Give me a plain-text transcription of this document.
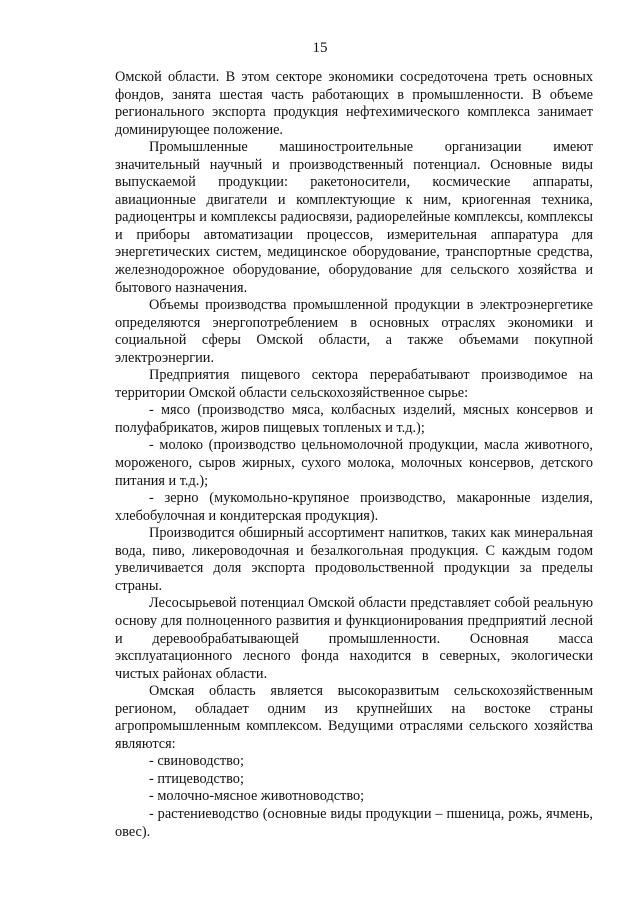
15

Омской области. В этом секторе экономики сосредоточена треть основных фондов, занята шестая часть работающих в промышленности. В объеме регионального экспорта продукция нефтехимического комплекса занимает доминирующее положение.

Промышленные машиностроительные организации имеют значительный научный и производственный потенциал. Основные виды выпускаемой продукции: ракетоносители, космические аппараты, авиационные двигатели и комплектующие к ним, криогенная техника, радиоцентры и комплексы радиосвязи, радиорелейные комплексы, комплексы и приборы автоматизации процессов, измерительная аппаратура для энергетических систем, медицинское оборудование, транспортные средства, железнодорожное оборудование, оборудование для сельского хозяйства и бытового назначения.

Объемы производства промышленной продукции в электроэнергетике определяются энергопотреблением в основных отраслях экономики и социальной сферы Омской области, а также объемами покупной электроэнергии.

Предприятия пищевого сектора перерабатывают производимое на территории Омской области сельскохозяйственное сырье:

- мясо (производство мяса, колбасных изделий, мясных консервов и полуфабрикатов, жиров пищевых топленых и т.д.);

- молоко (производство цельномолочной продукции, масла животного, мороженого, сыров жирных, сухого молока, молочных консервов, детского питания и т.д.);

- зерно (мукомольно-крупяное производство, макаронные изделия, хлебобулочная и кондитерская продукция).

Производится обширный ассортимент напитков, таких как минеральная вода, пиво, ликероводочная и безалкогольная продукция. С каждым годом увеличивается доля экспорта продовольственной продукции за пределы страны.

Лесосырьевой потенциал Омской области представляет собой реальную основу для полноценного развития и функционирования предприятий лесной и деревообрабатывающей промышленности. Основная масса эксплуатационного лесного фонда находится в северных, экологически чистых районах области.

Омская область является высокоразвитым сельскохозяйственным регионом, обладает одним из крупнейших на востоке страны агропромышленным комплексом. Ведущими отраслями сельского хозяйства являются:

- свиноводство;

- птицеводство;

- молочно-мясное животноводство;

- растениеводство (основные виды продукции – пшеница, рожь, ячмень, овес).
